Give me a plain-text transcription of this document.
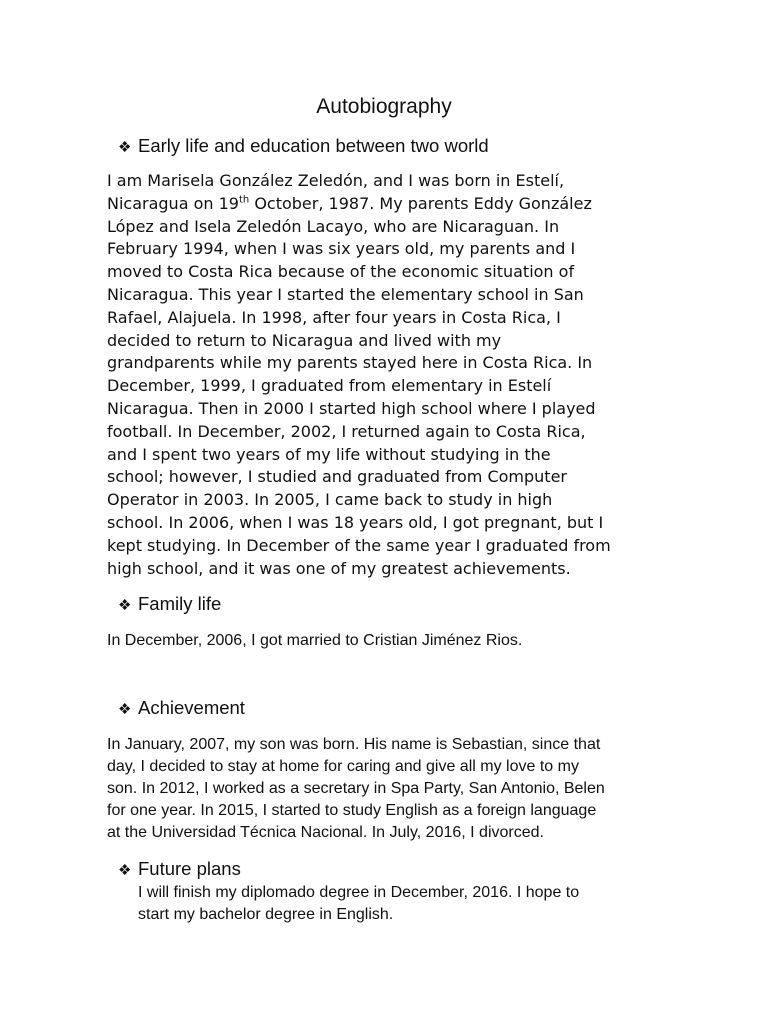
Autobiography
❖ Early life and education between two world
I am Marisela González Zeledón, and I was born in Estelí,
Nicaragua on 19th October, 1987. My parents Eddy González
López and Isela Zeledón Lacayo, who are Nicaraguan. In
February 1994, when I was six years old, my parents and I
moved to Costa Rica because of the economic situation of
Nicaragua. This year I started the elementary school in San
Rafael, Alajuela. In 1998, after four years in Costa Rica, I
decided to return to Nicaragua and lived with my
grandparents while my parents stayed here in Costa Rica. In
December, 1999, I graduated from elementary in Estelí
Nicaragua. Then in 2000 I started high school where I played
football. In December, 2002, I returned again to Costa Rica,
and I spent two years of my life without studying in the
school; however, I studied and graduated from Computer
Operator in 2003. In 2005, I came back to study in high
school. In 2006, when I was 18 years old, I got pregnant, but I
kept studying. In December of the same year I graduated from
high school, and it was one of my greatest achievements.
❖ Family life
In December, 2006, I got married to Cristian Jiménez Rios.
❖ Achievement
In January, 2007, my son was born. His name is Sebastian, since that
day, I decided to stay at home for caring and give all my love to my
son. In 2012, I worked as a secretary in Spa Party, San Antonio, Belen
for one year. In 2015, I started to study English as a foreign language
at the Universidad Técnica Nacional. In July, 2016, I divorced.
❖ Future plans
I will finish my diplomado degree in December, 2016. I hope to
start my bachelor degree in English.
